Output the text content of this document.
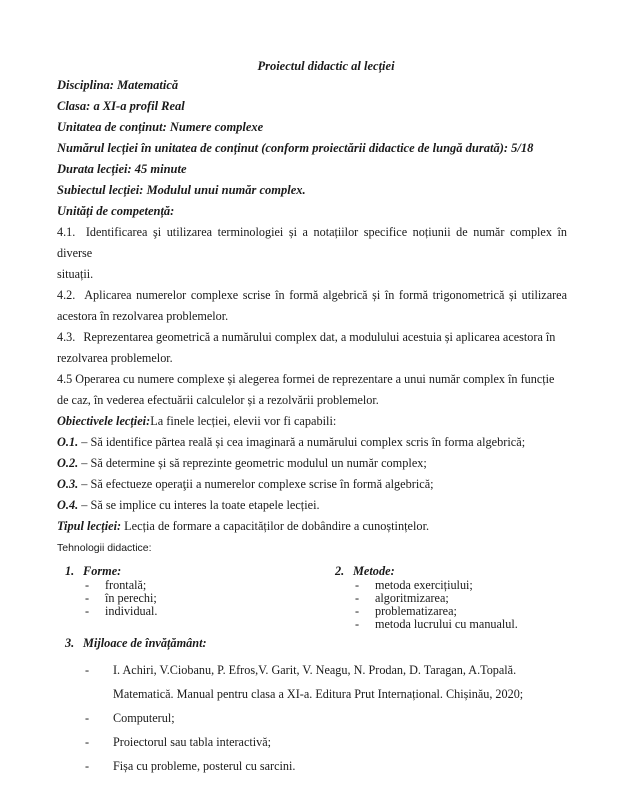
Proiectul didactic al lecției
Disciplina: Matematică
Clasa: a XI-a profil Real
Unitatea de conținut: Numere complexe
Numărul lecției în unitatea de conținut (conform proiectării didactice de lungă durată): 5/18
Durata lecției: 45 minute
Subiectul lecției: Modulul unui număr complex.
Unități de competență:
4.1. Identificarea şi utilizarea terminologiei și a notațiilor specifice noțiunii de număr complex în diverse
situații.
4.2. Aplicarea numerelor complexe scrise în formă algebrică și în formă trigonometrică și utilizarea
acestora în rezolvarea problemelor.
4.3. Reprezentarea geometrică a numărului complex dat, a modulului acestuia și aplicarea acestora în
rezolvarea problemelor.
4.5 Operarea cu numere complexe și alegerea formei de reprezentare a unui număr complex în funcție
de caz, în vederea efectuării calculelor și a rezolvării problemelor.
Obiectivele lecției:La finele lecției, elevii vor fi capabili:
O.1. – Să identifice pãrtea reală și cea imaginară a numărului complex scris în forma algebrică;
O.2. – Să determine și să reprezinte geometric modulul un număr complex;
O.3. – Să efectueze operaţii a numerelor complexe scrise în formă algebrică;
O.4. – Să se implice cu interes la toate etapele lecției.
Tipul lecției: Lecția de formare a capacităților de dobândire a cunoștințelor.
Tehnologii didactice:
1. Forme:
- frontală;
- în perechi;
- individual.
2. Metode:
- metoda exercițiului;
- algoritmizarea;
- problematizarea;
- metoda lucrului cu manualul.
3. Mijloace de învățământ:
- I. Achiri, V.Ciobanu, P. Efros,V. Garit, V. Neagu, N. Prodan, D. Taragan, A.Topală.
Matematică. Manual pentru clasa a XI-a. Editura Prut Internațional. Chișinău, 2020;
- Computerul;
- Proiectorul sau tabla interactivă;
- Fișa cu probleme, posterul cu sarcini.
